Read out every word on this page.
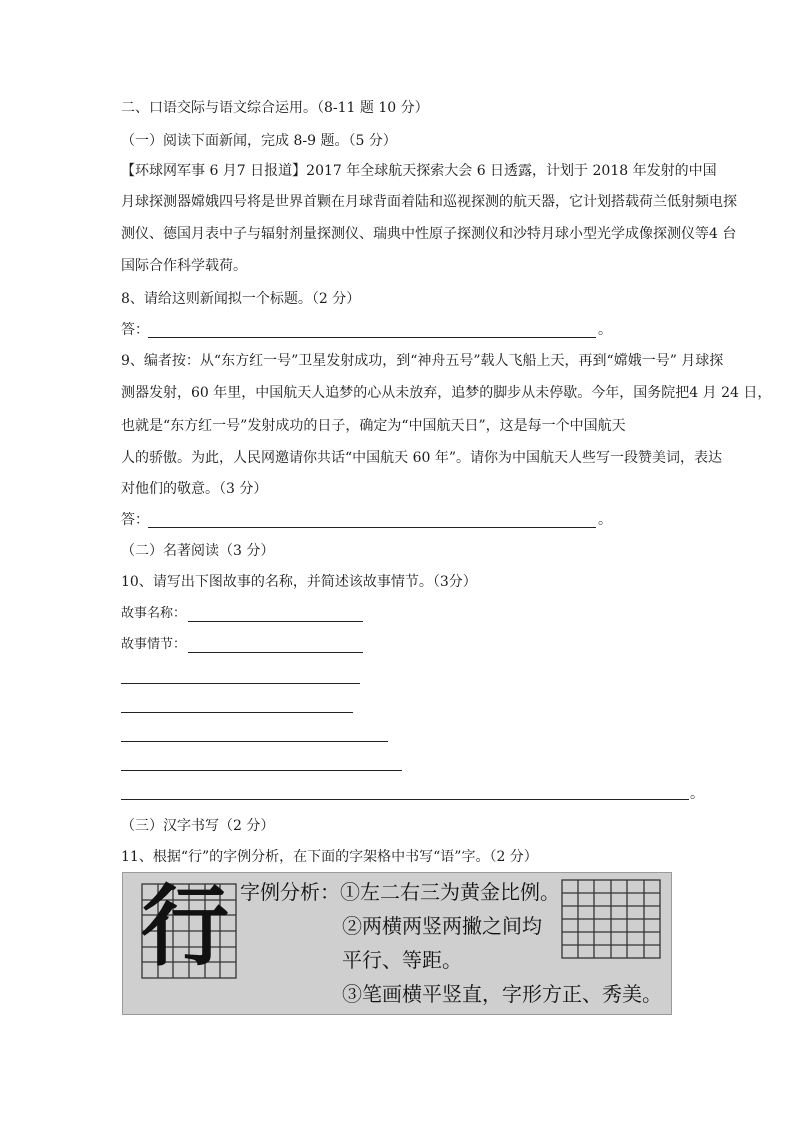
二、口语交际与语文综合运用。（8-11 题 10 分）
（一）阅读下面新闻，完成 8-9 题。（5 分）
【环球网军事 6 月7 日报道】2017 年全球航天探索大会 6 日透露，计划于 2018 年发射的中国
月球探测器嫦娥四号将是世界首颗在月球背面着陆和巡视探测的航天器，它计划搭载荷兰低射频电探
测仪、德国月表中子与辐射剂量探测仪、瑞典中性原子探测仪和沙特月球小型光学成像探测仪等4 台
国际合作科学载荷。
8、请给这则新闻拟一个标题。（2 分）
答：	。
9、编者按：从“东方红一号”卫星发射成功，到“神舟五号”载人飞船上天，再到“嫦娥一号” 月球探
测器发射，60 年里，中国航天人追梦的心从未放弃，追梦的脚步从未停歇。今年，国务院把4 月 24 日，
也就是“东方红一号”发射成功的日子，确定为“中国航天日”，这是每一个中国航天
人的骄傲。为此，人民网邀请你共话“中国航天 60 年”。请你为中国航天人些写一段赞美词，表达
对他们的敬意。（3 分）
答：	。
（二）名著阅读（3 分）
10、请写出下图故事的名称，并简述该故事情节。（3分）
故事名称：
故事情节：
。
（三）汉字书写（2 分）
11、根据“行”的字例分析，在下面的字架格中书写“语”字。（2 分）
行 字例分析：①左二右三为黄金比例。
②两横两竖两撇之间均
平行、等距。
③笔画横平竖直，字形方正、秀美。
